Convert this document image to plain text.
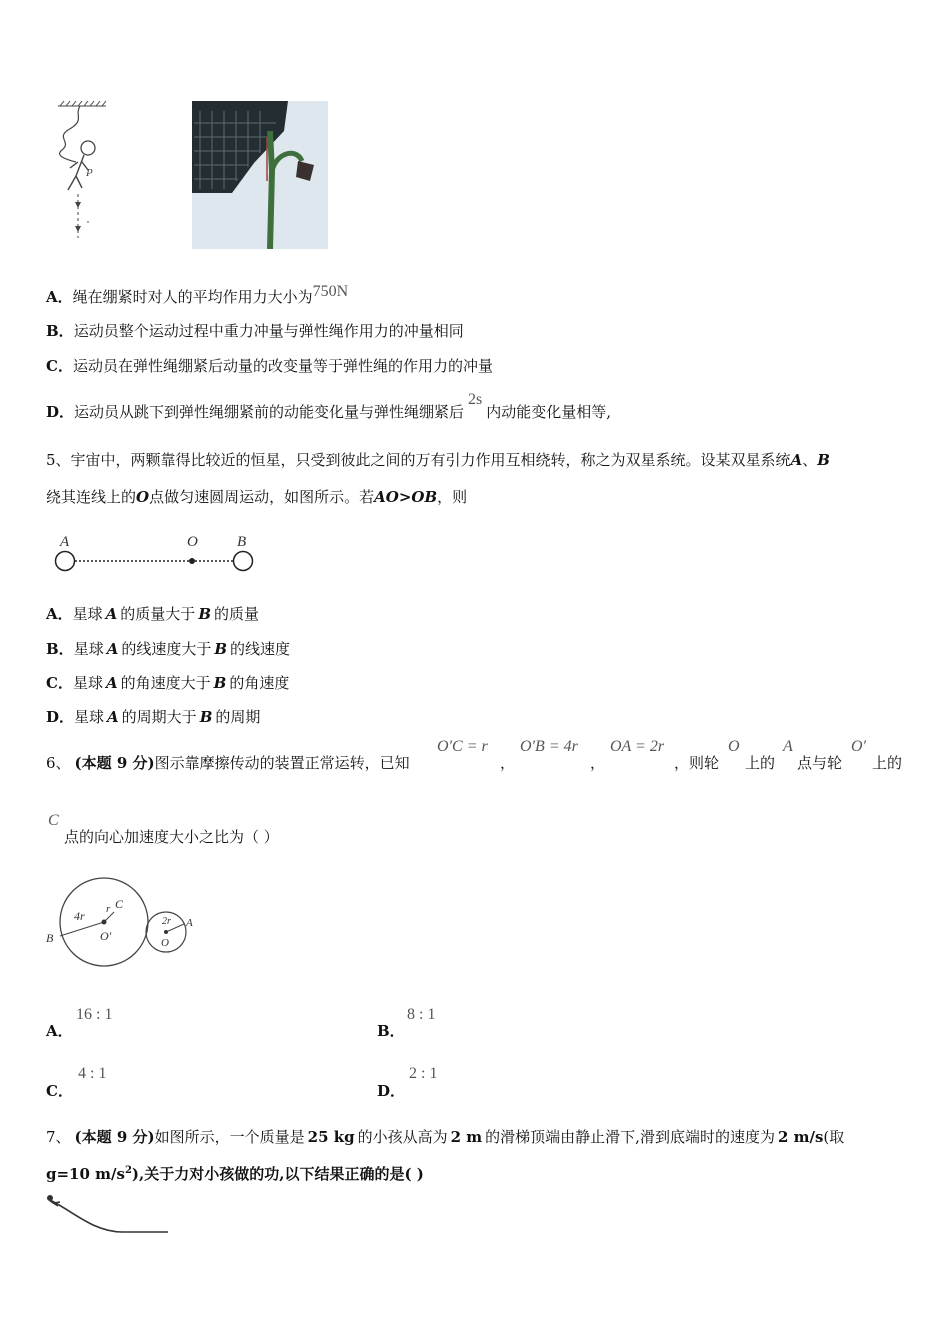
P
A．绳在绷紧时对人的平均作用力大小为750N
B．运动员整个运动过程中重力冲量与弹性绳作用力的冲量相同
C．运动员在弹性绳绷紧后动量的改变量等于弹性绳的作用力的冲量
D．运动员从跳下到弹性绳绷紧前的动能变化量与弹性绳绷紧后2s内动能变化量相等,
5、宇宙中，两颗靠得比较近的恒星，只受到彼此之间的万有引力作用互相绕转，称之为双星系统。设某双星系统A、B
绕其连线上的O点做匀速圆周运动，如图所示。若AO>OB，则
A	O	B
A．星球 A 的质量大于 B 的质量
B．星球 A 的线速度大于 B 的线速度
C．星球 A 的角速度大于 B 的角速度
D．星球 A 的周期大于 B 的周期
6、 (本题 9 分)图示靠摩擦传动的装置正常运转，已知
O′C = r
，
O′B = 4r
，
OA = 2r
，则轮
O
上的
A
点与轮
O′
上的
C
点的向心加速度大小之比为（ ）
4r r C
B	O′
2r A
O
A．
16 : 1
B．
8 : 1
C．
4 : 1
D．
2 : 1
7、 (本题 9 分)如图所示，一个质量是 25 kg 的小孩从高为 2 m 的滑梯顶端由静止滑下,滑到底端时的速度为 2 m/s(取
g=10 $m/s^2$),关于力对小孩做的功,以下结果正确的是( )
